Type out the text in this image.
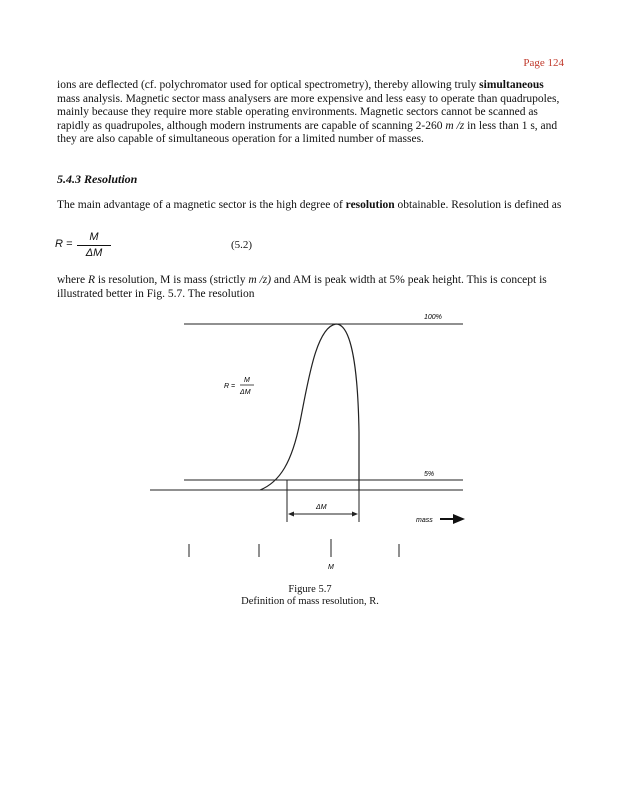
Page 124

ions are deflected (cf. polychromator used for optical spectrometry), thereby allowing truly simultaneous mass analysis. Magnetic sector mass analysers are more expensive and less easy to operate than quadrupoles, mainly because they require more stable operating environments. Magnetic sectors cannot be scanned as rapidly as quadrupoles, although modern instruments are capable of scanning 2-260 m /z in less than 1 s, and they are also capable of simultaneous operation for a limited number of masses.

5.4.3 Resolution

The main advantage of a magnetic sector is the high degree of resolution obtainable. Resolution is defined as

R =
M
ΔM
(5.2)

where R is resolution, M is mass (strictly m /z) and AM is peak width at 5% peak height. This is concept is illustrated better in Fig. 5.7. The resolution

100%
5%
ΔM
R =
M
ΔM
mass
M
Figure 5.7
Definition of mass resolution, R.
